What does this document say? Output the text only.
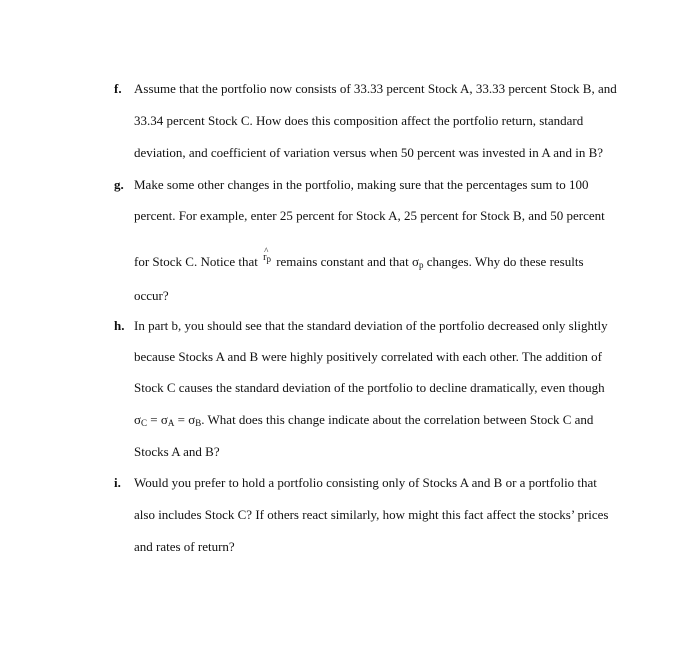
f. Assume that the portfolio now consists of 33.33 percent Stock A, 33.33 percent Stock B, and
33.34 percent Stock C. How does this composition affect the portfolio return, standard
deviation, and coefficient of variation versus when 50 percent was invested in A and in B?
g. Make some other changes in the portfolio, making sure that the percentages sum to 100
percent. For example, enter 25 percent for Stock A, 25 percent for Stock B, and 50 percent
for Stock C. Notice that
^
rp remains constant and that $\sigma_p$ changes. Why do these results
occur?
h. In part b, you should see that the standard deviation of the portfolio decreased only slightly
because Stocks A and B were highly positively correlated with each other. The addition of
Stock C causes the standard deviation of the portfolio to decline dramatically, even though
$\sigma_C = \sigma_A = \sigma_B$. What does this change indicate about the correlation between Stock C and
Stocks A and B?
i. Would you prefer to hold a portfolio consisting only of Stocks A and B or a portfolio that
also includes Stock C? If others react similarly, how might this fact affect the stocks’ prices
and rates of return?
